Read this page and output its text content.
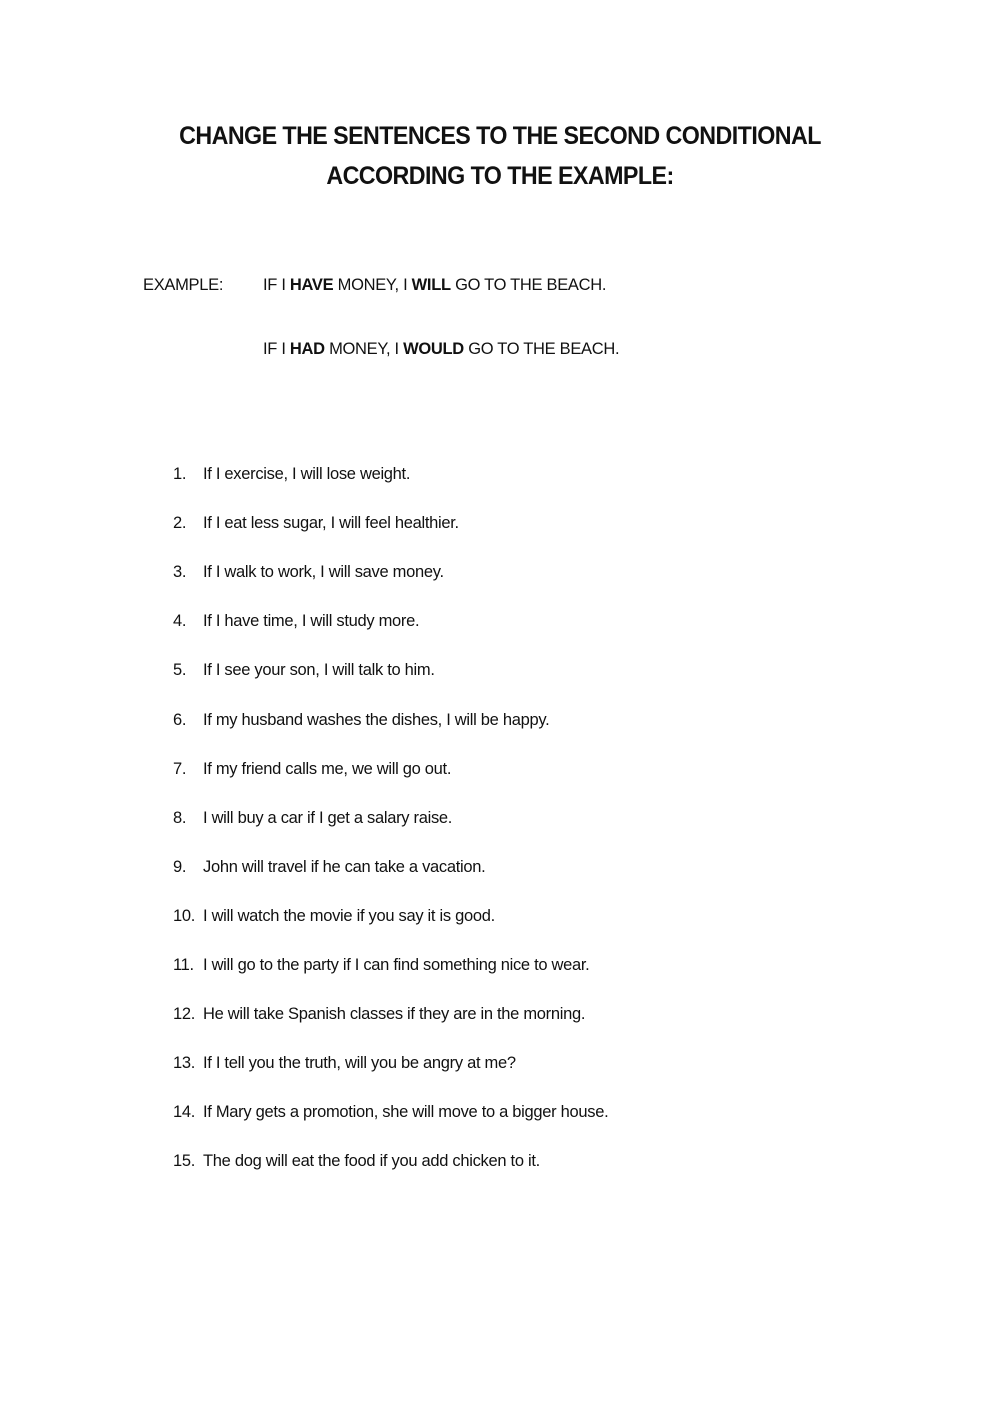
CHANGE THE SENTENCES TO THE SECOND CONDITIONAL
ACCORDING TO THE EXAMPLE:
EXAMPLE: IF I HAVE MONEY, I WILL GO TO THE BEACH.
IF I HAD MONEY, I WOULD GO TO THE BEACH.
1. If I exercise, I will lose weight.
2. If I eat less sugar, I will feel healthier.
3. If I walk to work, I will save money.
4. If I have time, I will study more.
5. If I see your son, I will talk to him.
6. If my husband washes the dishes, I will be happy.
7. If my friend calls me, we will go out.
8. I will buy a car if I get a salary raise.
9. John will travel if he can take a vacation.
10. I will watch the movie if you say it is good.
11. I will go to the party if I can find something nice to wear.
12. He will take Spanish classes if they are in the morning.
13. If I tell you the truth, will you be angry at me?
14. If Mary gets a promotion, she will move to a bigger house.
15. The dog will eat the food if you add chicken to it.
